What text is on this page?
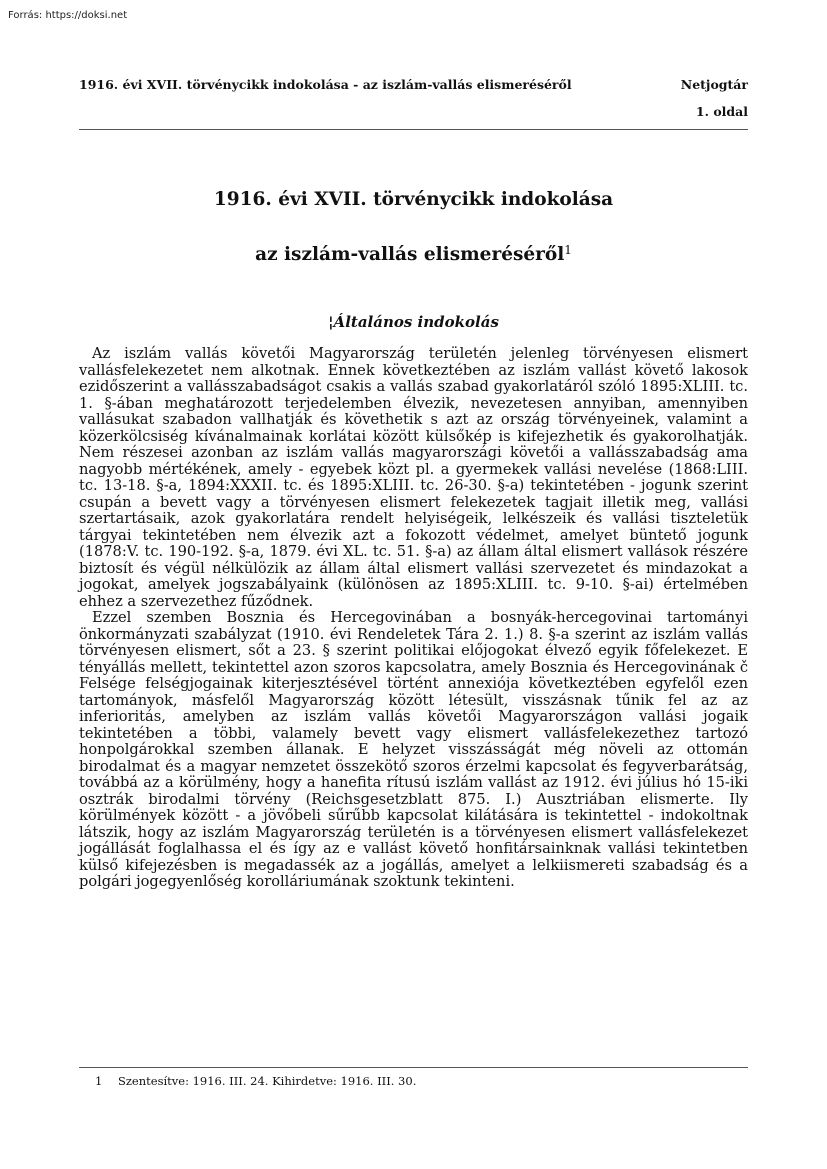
Forrás: https://doksi.net
1916. évi XVII. törvénycikk indokolása - az iszlám-vallás elismeréséről	Netjogtár
1. oldal
1916. évi XVII. törvénycikk indokolása
az iszlám-vallás elismeréséről$^1$
¦Általános indokolás

Az iszlám vallás követői Magyarország területén jelenleg törvényesen elismert vallásfelekezetet nem alkotnak. Ennek következtében az iszlám vallást követő lakosok ezidőszerint a vallásszabadságot csakis a vallás szabad gyakorlatáról szóló 1895:XLIII. tc. 1. §-ában meghatározott terjedelemben élvezik, nevezetesen annyiban, amennyiben vallásukat szabadon vallhatják és követhetik s azt az ország törvényeinek, valamint a közerkölcsiség kívánalmainak korlátai között külsőkép is kifejezhetik és gyakorolhatják. Nem részesei azonban az iszlám vallás magyarországi követői a vallásszabadság ama nagyobb mértékének, amely - egyebek közt pl. a gyermekek vallási nevelése (1868:LIII. tc. 13-18. §-a, 1894:XXXII. tc. és 1895:XLIII. tc. 26-30. §-a) tekintetében - jogunk szerint csupán a bevett vagy a törvényesen elismert felekezetek tagjait illetik meg, vallási szertartásaik, azok gyakorlatára rendelt helyiségeik, lelkészeik és vallási tiszteletük tárgyai tekintetében nem élvezik azt a fokozott védelmet, amelyet büntető jogunk (1878:V. tc. 190-192. §-a, 1879. évi XL. tc. 51. §-a) az állam által elismert vallások részére biztosít és végül nélkülözik az állam által elismert vallási szervezetet és mindazokat a jogokat, amelyek jogszabályaink (különösen az 1895:XLIII. tc. 9-10. §-ai) értelmében ehhez a szervezethez fűződnek.

Ezzel szemben Bosznia és Hercegovinában a bosnyák-hercegovinai tartományi önkormányzati szabályzat (1910. évi Rendeletek Tára 2. 1.) 8. §-a szerint az iszlám vallás törvényesen elismert, sőt a 23. § szerint politikai előjogokat élvező egyik főfelekezet. E tényállás mellett, tekintettel azon szoros kapcsolatra, amely Bosznia és Hercegovinának č Felsége felségjogainak kiterjesztésével történt annexiója következtében egyfelől ezen tartományok, másfelől Magyarország között létesült, visszásnak tűnik fel az az inferioritás, amelyben az iszlám vallás követői Magyarországon vallási jogaik tekintetében a többi, valamely bevett vagy elismert vallásfelekezethez tartozó honpolgárokkal szemben állanak. E helyzet visszásságát még növeli az ottomán birodalmat és a magyar nemzetet összekötő szoros érzelmi kapcsolat és fegyverbarátság, továbbá az a körülmény, hogy a hanefita rítusú iszlám vallást az 1912. évi július hó 15-iki osztrák birodalmi törvény (Reichsgesetzblatt 875. I.) Ausztriában elismerte. Ily körülmények között - a jövőbeli sűrűbb kapcsolat kilátására is tekintettel - indokoltnak látszik, hogy az iszlám Magyarország területén is a törvényesen elismert vallásfelekezet jogállását foglalhassa el és így az e vallást követő honfitársainknak vallási tekintetben külső kifejezésben is megadassék az a jogállás, amelyet a lelkiismereti szabadság és a polgári jogegyenlőség korolláriumának szoktunk tekinteni.

1 Szentesítve: 1916. III. 24. Kihirdetve: 1916. III. 30.
